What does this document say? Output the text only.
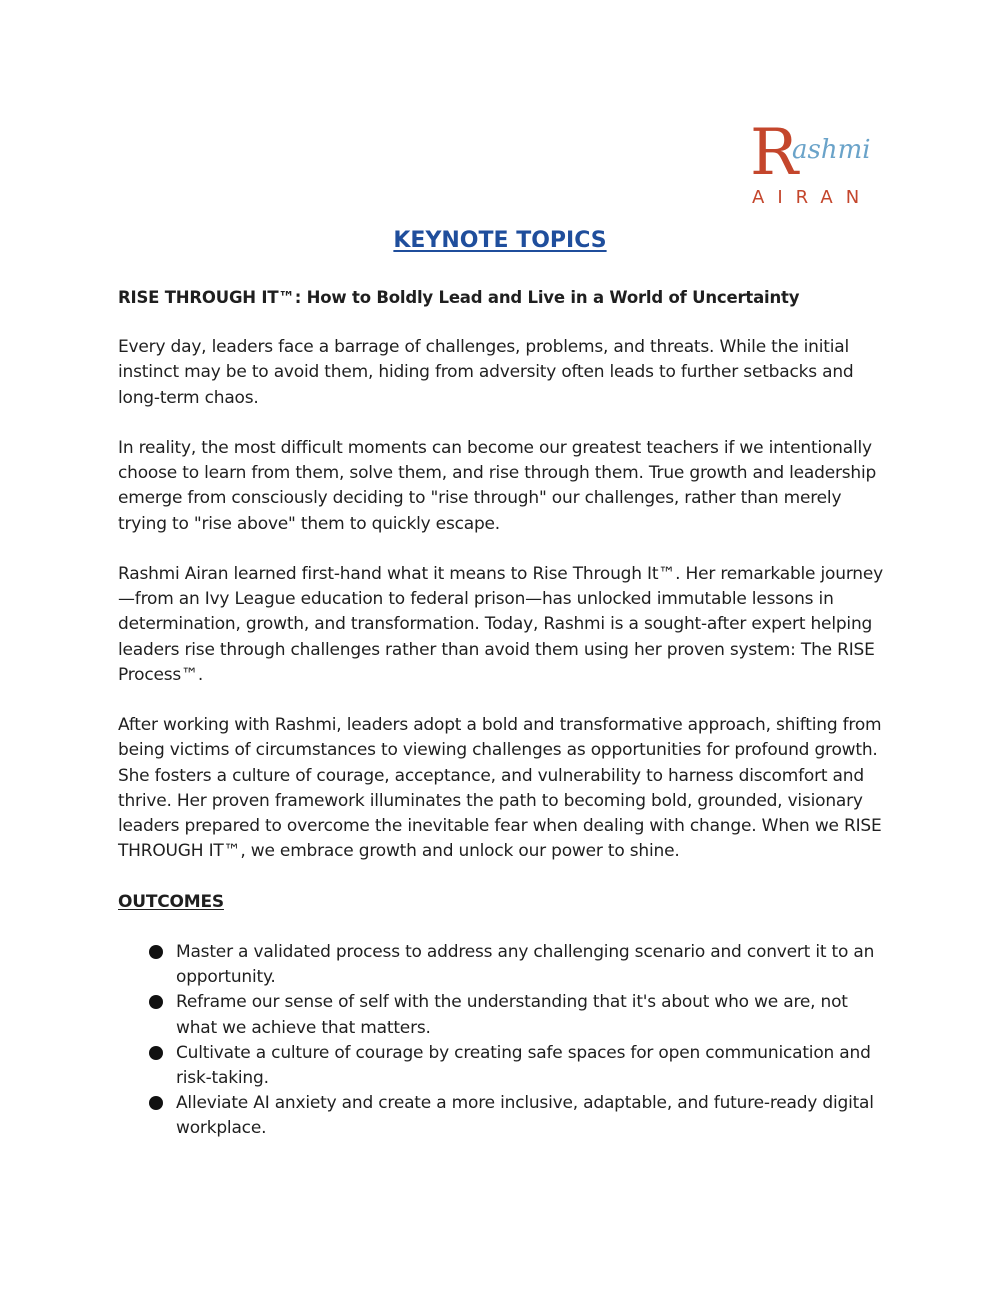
R
ashmi
AIRAN
KEYNOTE TOPICS

RISE THROUGH IT™: How to Boldly Lead and Live in a World of Uncertainty

Every day, leaders face a barrage of challenges, problems, and threats. While the initial instinct may be to avoid them, hiding from adversity often leads to further setbacks and long-term chaos.

In reality, the most difficult moments can become our greatest teachers if we intentionally choose to learn from them, solve them, and rise through them. True growth and leadership emerge from consciously deciding to "rise through" our challenges, rather than merely trying to "rise above" them to quickly escape.

Rashmi Airan learned first-hand what it means to Rise Through It™. Her remarkable journey—from an Ivy League education to federal prison—has unlocked immutable lessons in determination, growth, and transformation. Today, Rashmi is a sought-after expert helping leaders rise through challenges rather than avoid them using her proven system: The RISE Process™.

After working with Rashmi, leaders adopt a bold and transformative approach, shifting from being victims of circumstances to viewing challenges as opportunities for profound growth. She fosters a culture of courage, acceptance, and vulnerability to harness discomfort and thrive. Her proven framework illuminates the path to becoming bold, grounded, visionary leaders prepared to overcome the inevitable fear when dealing with change. When we RISE THROUGH IT™, we embrace growth and unlock our power to shine.

OUTCOMES

Master a validated process to address any challenging scenario and convert it to an opportunity.
Reframe our sense of self with the understanding that it's about who we are, not what we achieve that matters.
Cultivate a culture of courage by creating safe spaces for open communication and risk-taking.
Alleviate AI anxiety and create a more inclusive, adaptable, and future-ready digital workplace.
